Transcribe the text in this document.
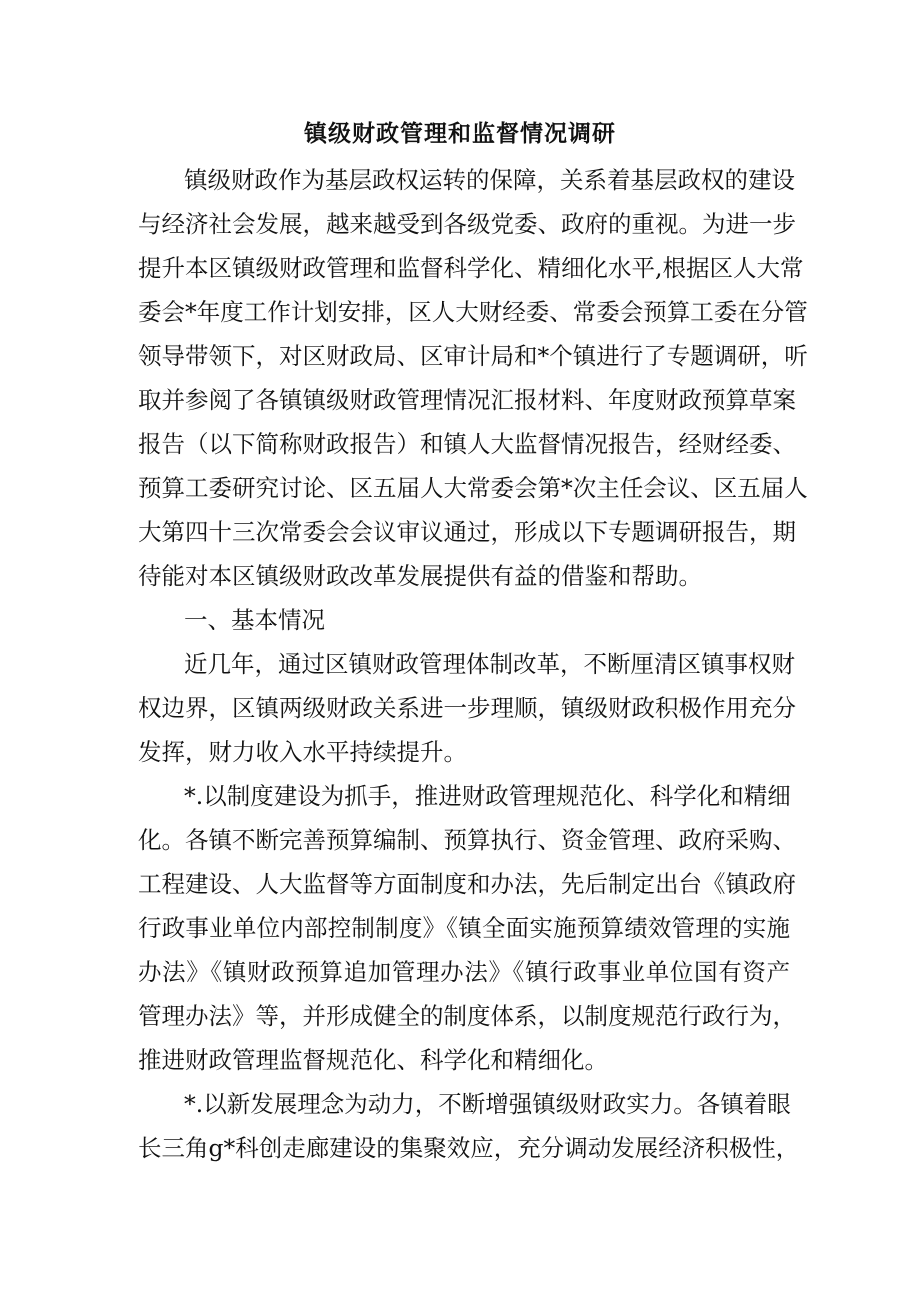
镇级财政管理和监督情况调研
镇级财政作为基层政权运转的保障，关系着基层政权的建设
与经济社会发展，越来越受到各级党委、政府的重视。为进一步
提升本区镇级财政管理和监督科学化、精细化水平,根据区人大常
委会*年度工作计划安排，区人大财经委、常委会预算工委在分管
领导带领下，对区财政局、区审计局和*个镇进行了专题调研，听
取并参阅了各镇镇级财政管理情况汇报材料、年度财政预算草案
报告（以下简称财政报告）和镇人大监督情况报告，经财经委、
预算工委研究讨论、区五届人大常委会第*次主任会议、区五届人
大第四十三次常委会会议审议通过，形成以下专题调研报告，期
待能对本区镇级财政改革发展提供有益的借鉴和帮助。
一、基本情况
近几年，通过区镇财政管理体制改革，不断厘清区镇事权财
权边界，区镇两级财政关系进一步理顺，镇级财政积极作用充分
发挥，财力收入水平持续提升。
*.以制度建设为抓手，推进财政管理规范化、科学化和精细
化。各镇不断完善预算编制、预算执行、资金管理、政府采购、
工程建设、人大监督等方面制度和办法，先后制定出台《镇政府
行政事业单位内部控制制度》《镇全面实施预算绩效管理的实施
办法》《镇财政预算追加管理办法》《镇行政事业单位国有资产
管理办法》等，并形成健全的制度体系，以制度规范行政行为，
推进财政管理监督规范化、科学化和精细化。
*.以新发展理念为动力，不断增强镇级财政实力。各镇着眼
长三角g*科创走廊建设的集聚效应，充分调动发展经济积极性，
